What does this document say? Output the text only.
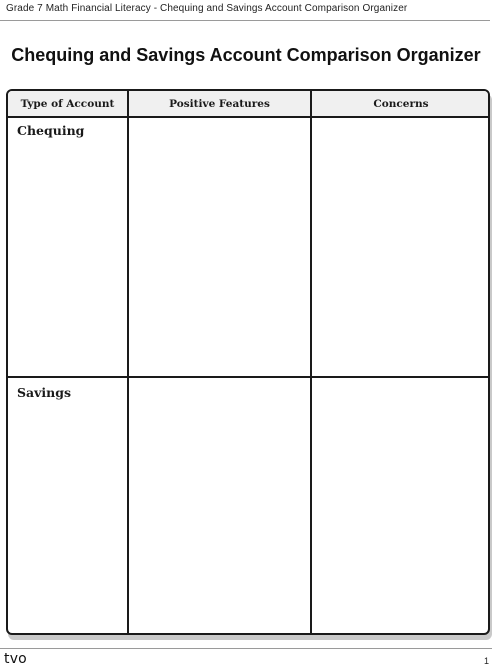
Grade 7 Math Financial Literacy - Chequing and Savings Account Comparison Organizer
Chequing and Savings Account Comparison Organizer
Type of Account	Positive Features	Concerns
Chequing
Savings
tvo	1
